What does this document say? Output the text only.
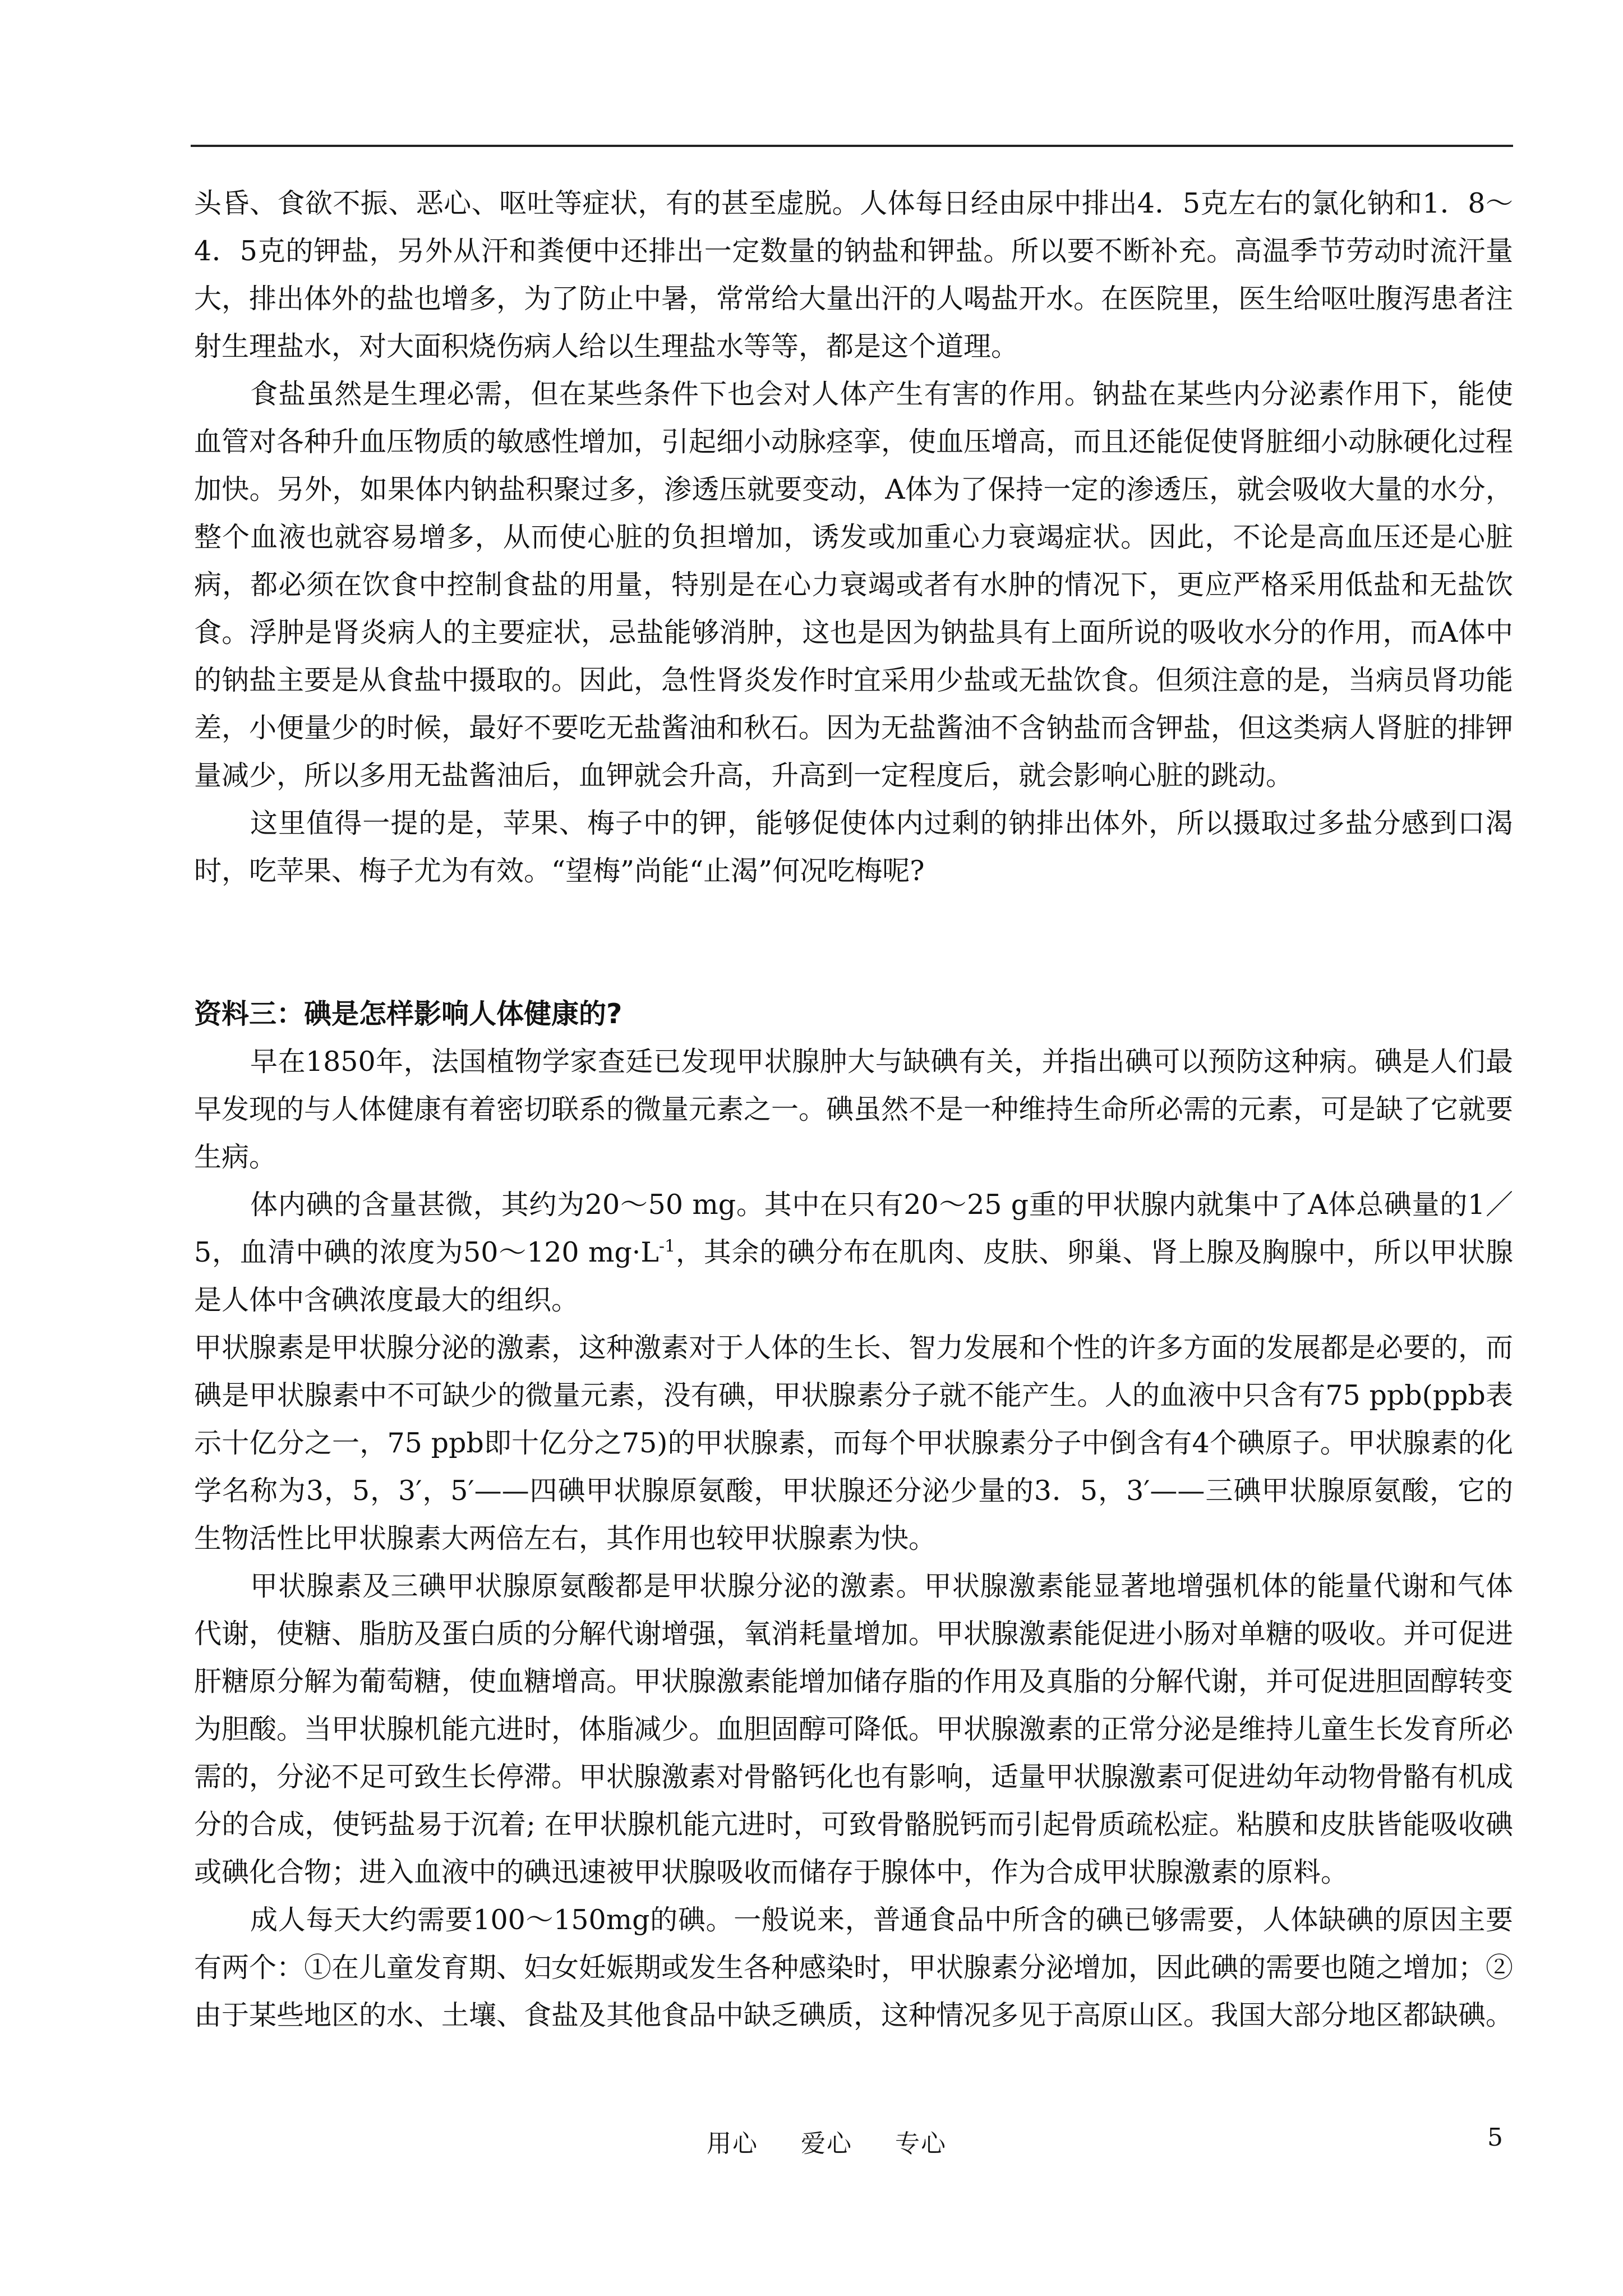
头昏、食欲不振、恶心、呕吐等症状，有的甚至虚脱。人体每日经由尿中排出4．5克左右的氯化钠和1．8～4．5克的钾盐，另外从汗和粪便中还排出一定数量的钠盐和钾盐。所以要不断补充。高温季节劳动时流汗量大，排出体外的盐也增多，为了防止中暑，常常给大量出汗的人喝盐开水。在医院里，医生给呕吐腹泻患者注射生理盐水，对大面积烧伤病人给以生理盐水等等，都是这个道理。

食盐虽然是生理必需，但在某些条件下也会对人体产生有害的作用。钠盐在某些内分泌素作用下，能使血管对各种升血压物质的敏感性增加，引起细小动脉痉挛，使血压增高，而且还能促使肾脏细小动脉硬化过程加快。另外，如果体内钠盐积聚过多，渗透压就要变动，A体为了保持一定的渗透压，就会吸收大量的水分，整个血液也就容易增多，从而使心脏的负担增加，诱发或加重心力衰竭症状。因此，不论是高血压还是心脏病，都必须在饮食中控制食盐的用量，特别是在心力衰竭或者有水肿的情况下，更应严格采用低盐和无盐饮食。浮肿是肾炎病人的主要症状，忌盐能够消肿，这也是因为钠盐具有上面所说的吸收水分的作用，而A体中的钠盐主要是从食盐中摄取的。因此，急性肾炎发作时宜采用少盐或无盐饮食。但须注意的是，当病员肾功能差，小便量少的时候，最好不要吃无盐酱油和秋石。因为无盐酱油不含钠盐而含钾盐，但这类病人肾脏的排钾量减少，所以多用无盐酱油后，血钾就会升高，升高到一定程度后，就会影响心脏的跳动。

这里值得一提的是，苹果、梅子中的钾，能够促使体内过剩的钠排出体外，所以摄取过多盐分感到口渴时，吃苹果、梅子尤为有效。“望梅”尚能“止渴”何况吃梅呢?

资料三：碘是怎样影响人体健康的?

早在1850年，法国植物学家查廷已发现甲状腺肿大与缺碘有关，并指出碘可以预防这种病。碘是人们最早发现的与人体健康有着密切联系的微量元素之一。碘虽然不是一种维持生命所必需的元素，可是缺了它就要生病。

体内碘的含量甚微，其约为20～50 mg。其中在只有20～25 g重的甲状腺内就集中了A体总碘量的1／5，血清中碘的浓度为50～120 $mg\cdot L^{-1}$，其余的碘分布在肌肉、皮肤、卵巢、肾上腺及胸腺中，所以甲状腺是人体中含碘浓度最大的组织。

甲状腺素是甲状腺分泌的激素，这种激素对于人体的生长、智力发展和个性的许多方面的发展都是必要的，而碘是甲状腺素中不可缺少的微量元素，没有碘，甲状腺素分子就不能产生。人的血液中只含有75 ppb(ppb表示十亿分之一，75 ppb即十亿分之75)的甲状腺素，而每个甲状腺素分子中倒含有4个碘原子。甲状腺素的化学名称为3，5，3′，5′——四碘甲状腺原氨酸，甲状腺还分泌少量的3．5，3′——三碘甲状腺原氨酸，它的生物活性比甲状腺素大两倍左右，其作用也较甲状腺素为快。

甲状腺素及三碘甲状腺原氨酸都是甲状腺分泌的激素。甲状腺激素能显著地增强机体的能量代谢和气体代谢，使糖、脂肪及蛋白质的分解代谢增强，氧消耗量增加。甲状腺激素能促进小肠对单糖的吸收。并可促进肝糖原分解为葡萄糖，使血糖增高。甲状腺激素能增加储存脂的作用及真脂的分解代谢，并可促进胆固醇转变为胆酸。当甲状腺机能亢进时，体脂减少。血胆固醇可降低。甲状腺激素的正常分泌是维持儿童生长发育所必需的，分泌不足可致生长停滞。甲状腺激素对骨骼钙化也有影响，适量甲状腺激素可促进幼年动物骨骼有机成分的合成，使钙盐易于沉着; 在甲状腺机能亢进时，可致骨骼脱钙而引起骨质疏松症。粘膜和皮肤皆能吸收碘或碘化合物；进入血液中的碘迅速被甲状腺吸收而储存于腺体中，作为合成甲状腺激素的原料。

成人每天大约需要100～150mg的碘。一般说来，普通食品中所含的碘已够需要，人体缺碘的原因主要有两个：①在儿童发育期、妇女妊娠期或发生各种感染时，甲状腺素分泌增加，因此碘的需要也随之增加；②由于某些地区的水、土壤、食盐及其他食品中缺乏碘质，这种情况多见于高原山区。我国大部分地区都缺碘。

用心 爱心 专心	5
